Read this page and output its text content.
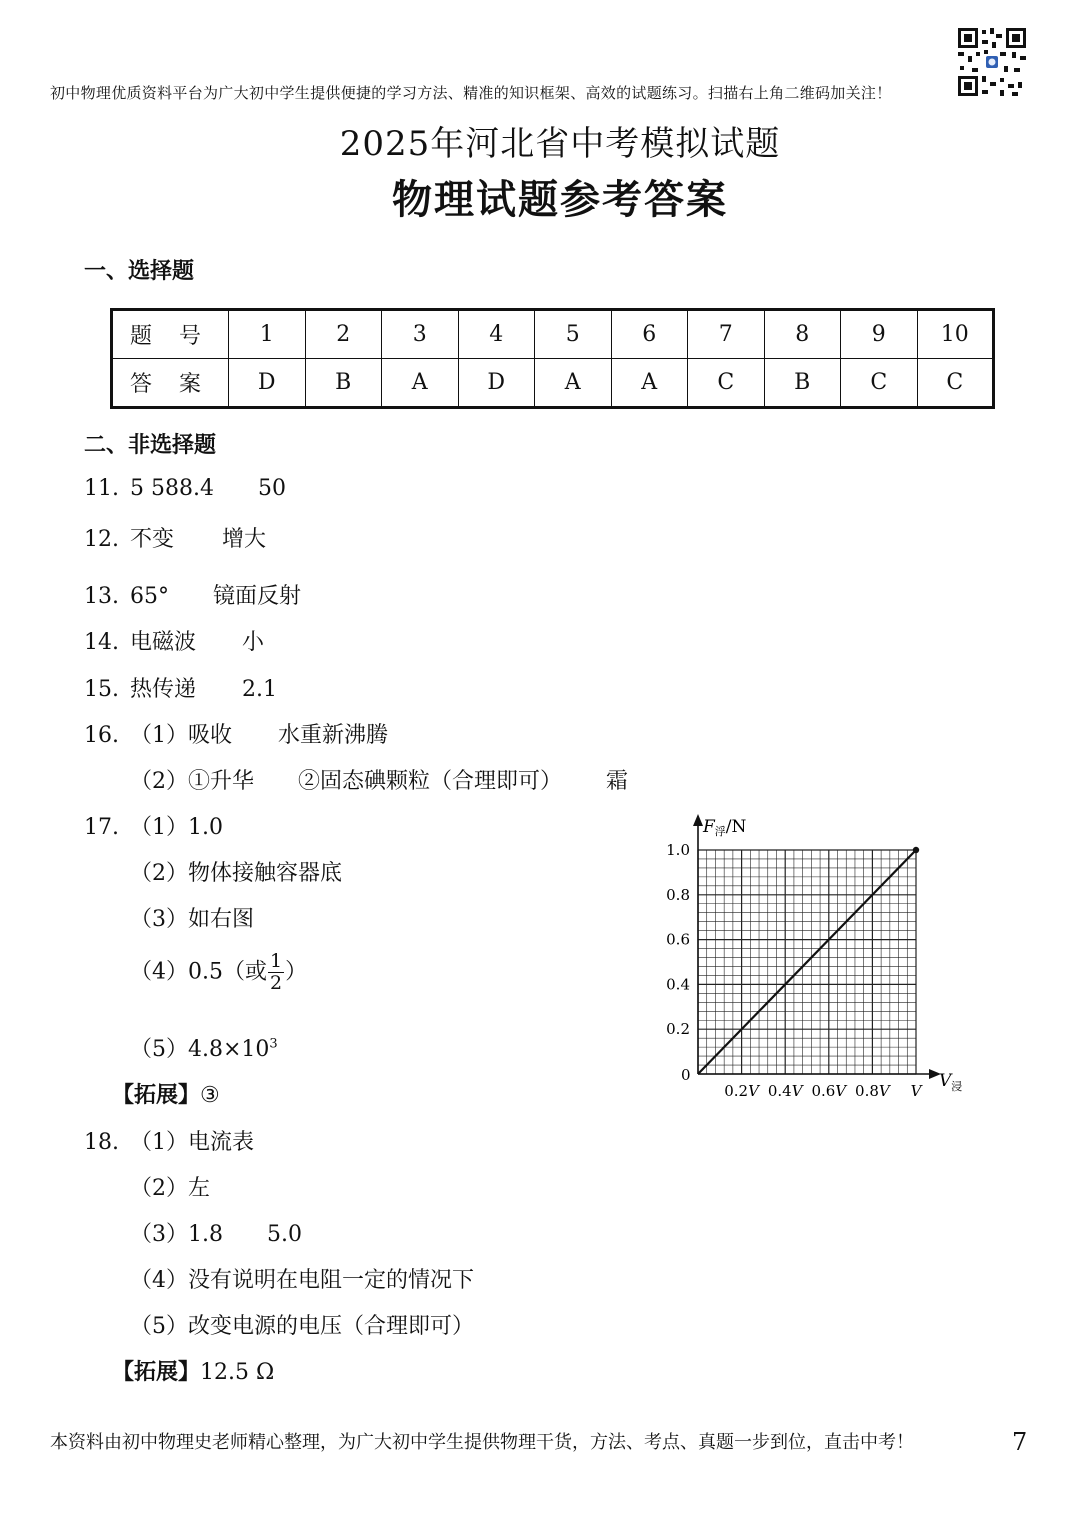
初中物理优质资料平台为广大初中学生提供便捷的学习方法、精准的知识框架、高效的试题练习。扫描右上角二维码加关注！
2025年河北省中考模拟试题
物理试题参考答案
一、选择题
题 号	1	2	3	4	5	6	7	8	9	10
答 案	D	B	A	D	A	A	C	B	C	C
二、非选择题
11. 5 588.4 50
12. 不变 增大
13. 65° 镜面反射
14. 电磁波 小
15. 热传递 2.1
16. （1）吸收 水重新沸腾
（2）①升华 ②固态碘颗粒（合理即可） 霜
17. （1）1.0
（2）物体接触容器底
（3）如右图
（4）0.5（或 $\frac{1}{2}$ ）
$(5)4.8\times 10^3$
【拓展】③
18. （1）电流表
（2）左
（3）1.8 5.0
（4）没有说明在电阻一定的情况下
（5）改变电源的电压（合理即可）
【拓展】12.5 Ω
1.0
0.8
0.6
0.4
0.2
0.2V 0.4V 0.6V 0.8V V
F浮/N
$V_浸$
0
本资料由初中物理史老师精心整理，为广大初中学生提供物理干货，方法、考点、真题一步到位，直击中考！	7
